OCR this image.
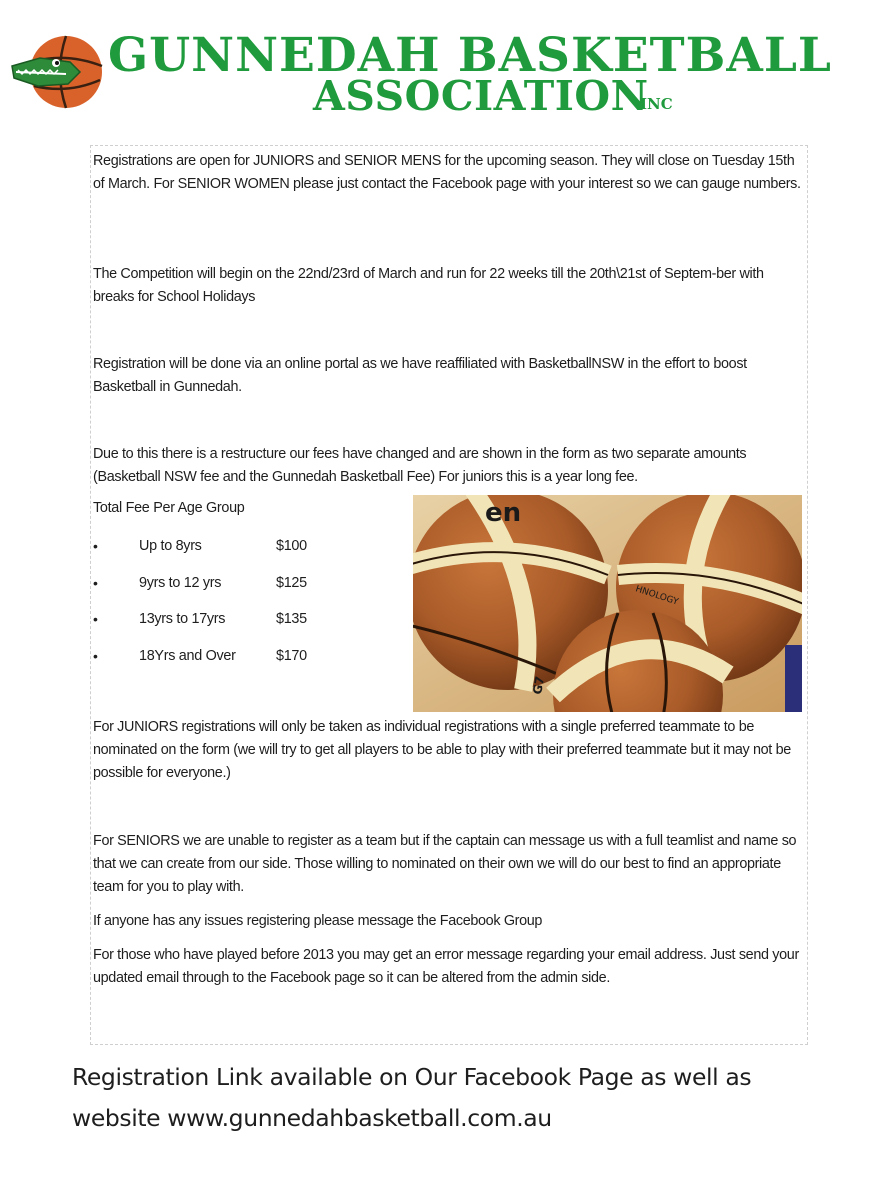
GUNNEDAH BASKETBALL
ASSOCIATION
INC
Registrations are open for JUNIORS and SENIOR MENS for the upcoming season. They will close on Tuesday 15th of March. For SENIOR WOMEN please just contact the Facebook page with your interest so we can gauge numbers.
The Competition will begin on the 22nd/23rd of March and run for 22 weeks till the 20th\21st of Septem-ber with breaks for School Holidays
Registration will be done via an online portal as we have reaffiliated with BasketballNSW in the effort to boost Basketball in Gunnedah.
Due to this there is a restructure our fees have changed and are shown in the form as two separate amounts (Basketball NSW fee and the Gunnedah Basketball Fee) For juniors this is a year long fee.
Total Fee Per Age Group
•	Up to 8yrs	$100
•	9yrs to 12 yrs	$125
•	13yrs to 17yrs	$135
•	18Yrs and Over	$170
en
HNOLOGY
G7
For JUNIORS registrations will only be taken as individual registrations with a single preferred teammate to be nominated on the form (we will try to get all players to be able to play with their preferred teammate but it may not be possible for everyone.)
For SENIORS we are unable to register as a team but if the captain can message us with a full teamlist and name so that we can create from our side. Those willing to nominated on their own we will do our best to find an appropriate team for you to play with.
If anyone has any issues registering please message the Facebook Group
For those who have played before 2013 you may get an error message regarding your email address. Just send your updated email through to the Facebook page so it can be altered from the admin side.
Registration Link available on Our Facebook Page as well as
website www.gunnedahbasketball.com.au
